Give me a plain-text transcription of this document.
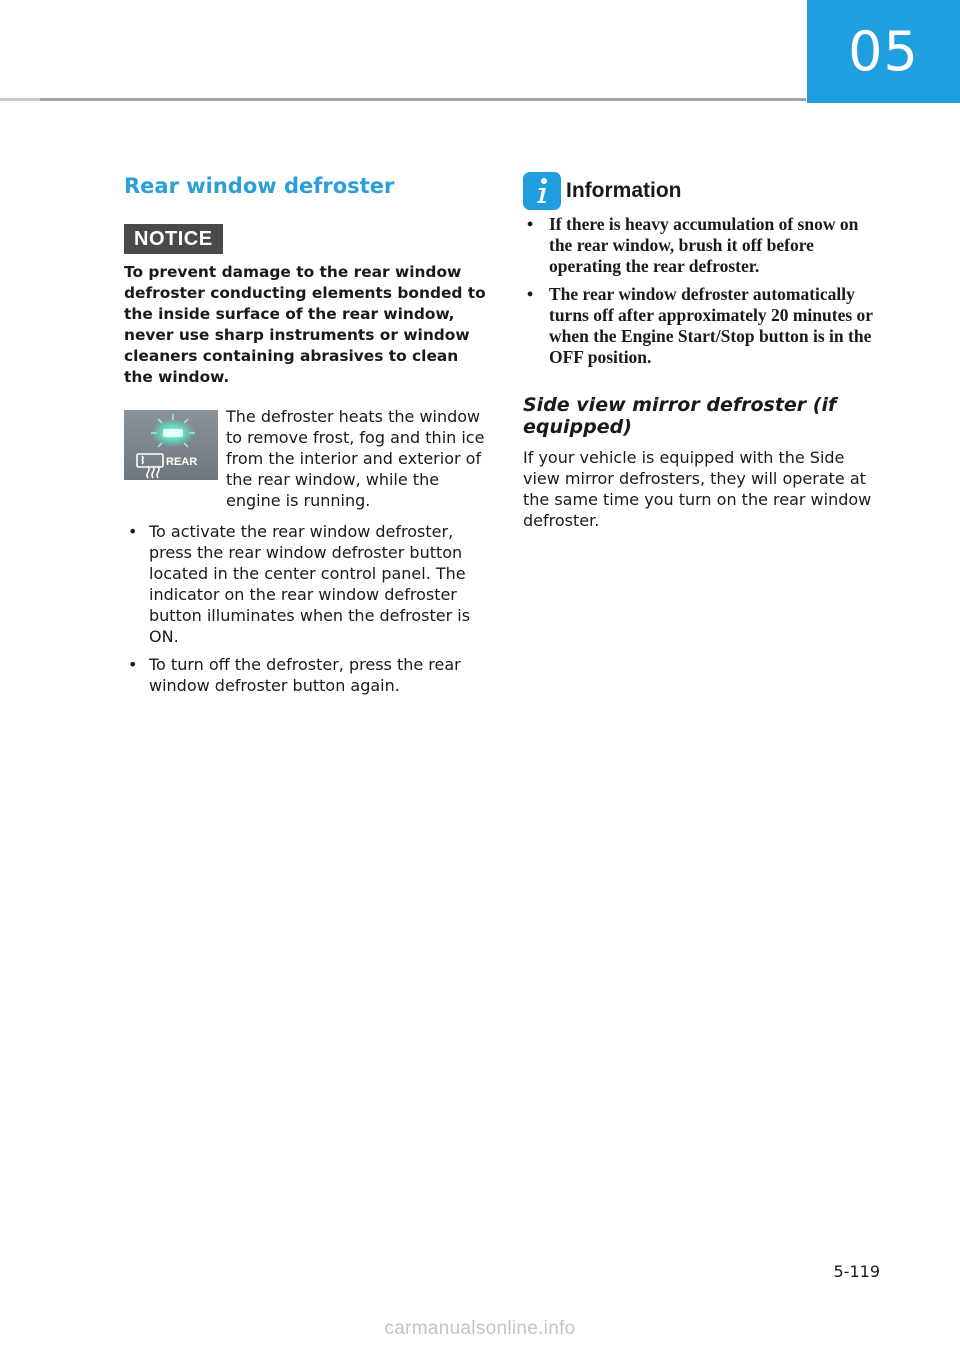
05
Rear window defroster
NOTICE

To prevent damage to the rear window defroster conducting elements bonded to the inside surface of the rear window, never use sharp instruments or window cleaners containing abrasives to clean the window.

REAR

The defroster heats the window to remove frost, fog and thin ice from the interior and exterior of the rear window, while the engine is running.

• To activate the rear window defroster, press the rear window defroster button located in the center control panel. The indicator on the rear window defroster button illuminates when the defroster is ON.
• To turn off the defroster, press the rear window defroster button again.
Information
• If there is heavy accumulation of snow on the rear window, brush it off before operating the rear defroster.
• The rear window defroster automatically turns off after approximately 20 minutes or when the Engine Start/Stop button is in the OFF position.
Side view mirror defroster (if equipped)

If your vehicle is equipped with the Side view mirror defrosters, they will operate at the same time you turn on the rear window defroster.

5-119
carmanualsonline.info
